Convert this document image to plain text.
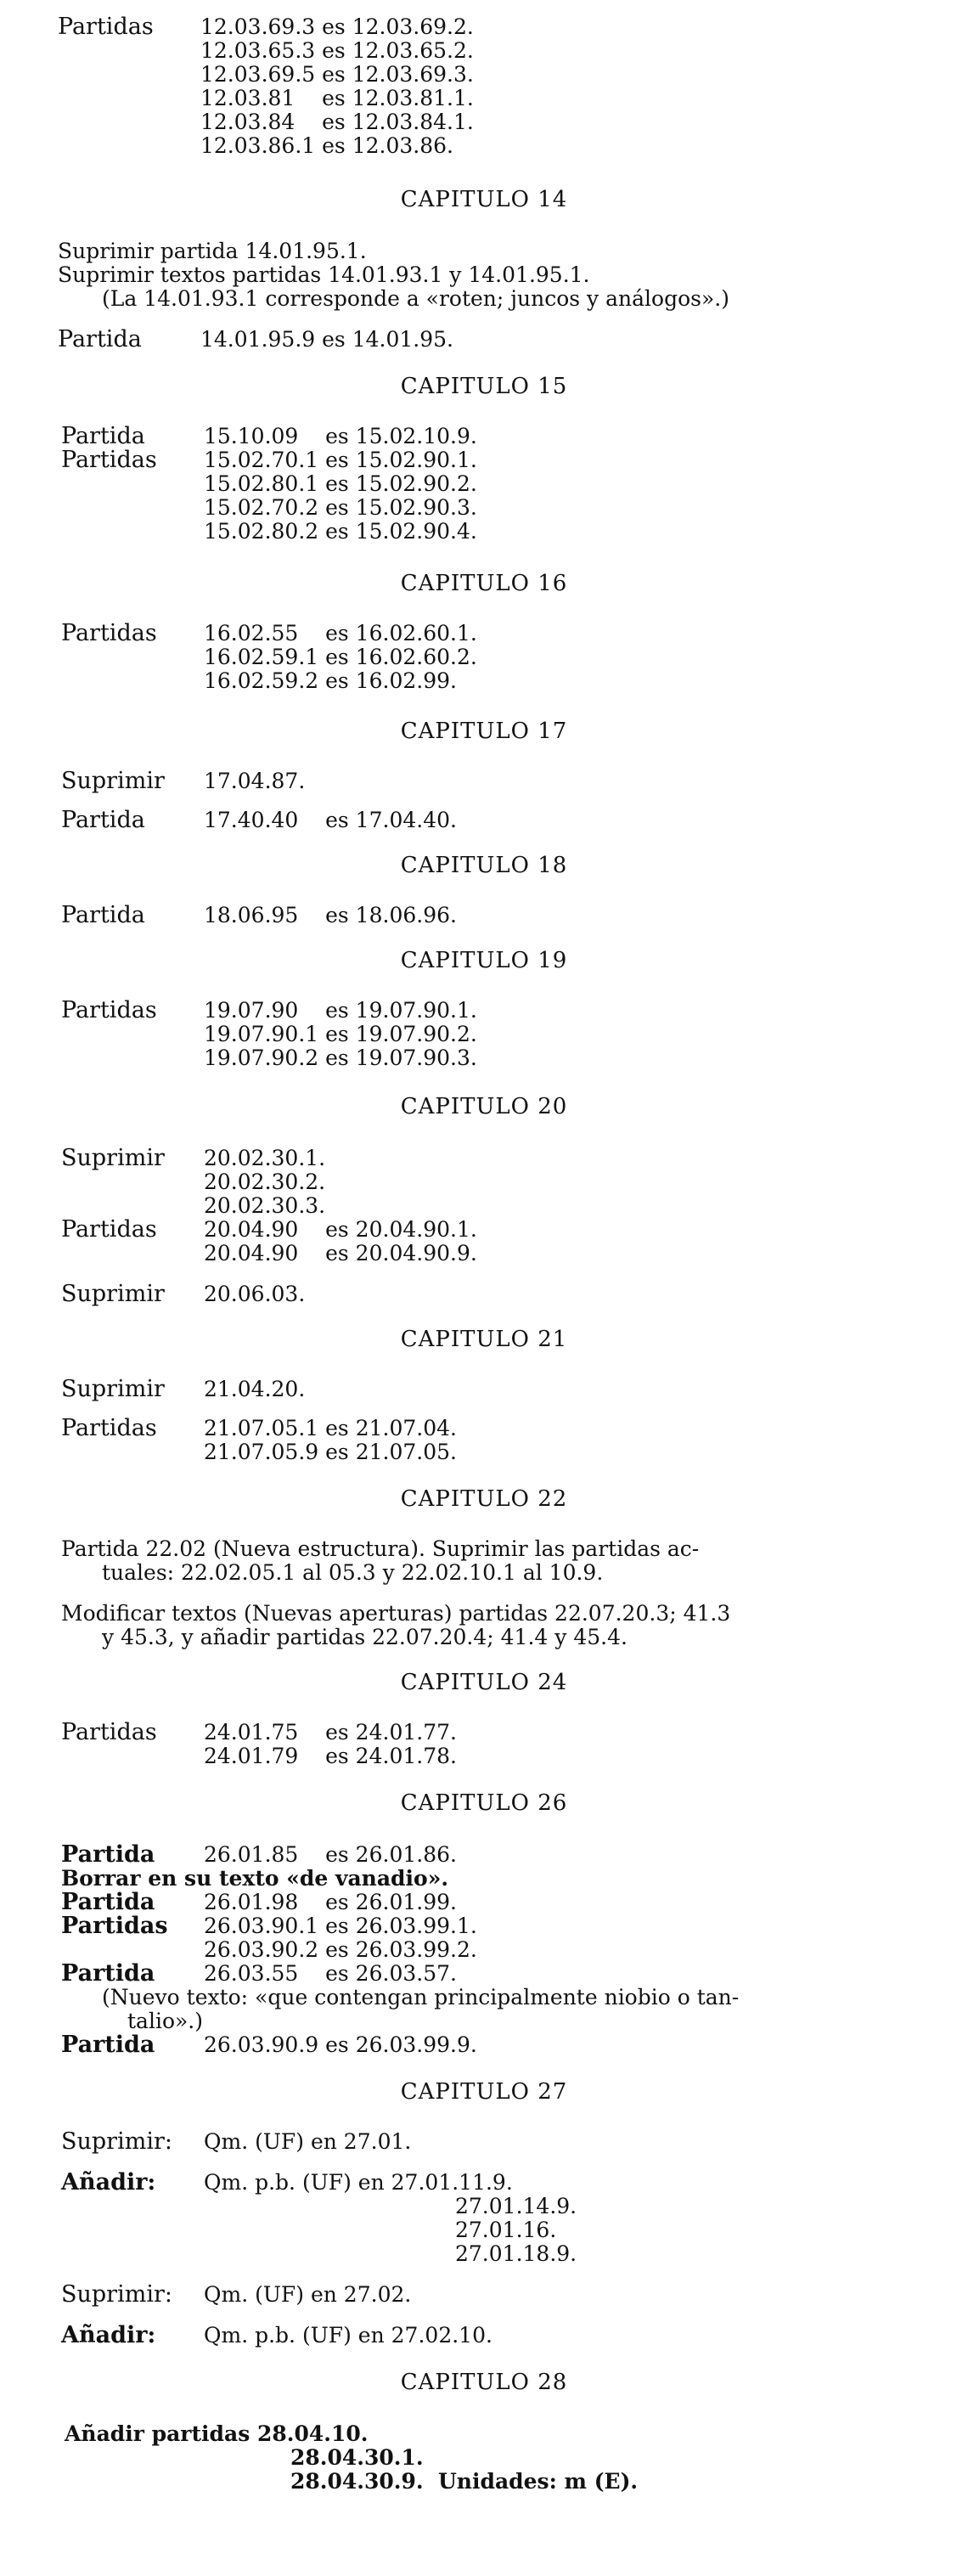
Partidas 12.03.69.3 es 12.03.69.2.
12.03.65.3 es 12.03.65.2.
12.03.69.5 es 12.03.69.3.
12.03.81    es 12.03.81.1.
12.03.84    es 12.03.84.1.
12.03.86.1 es 12.03.86.
CAPITULO 14
Suprimir partida 14.01.95.1.
Suprimir textos partidas 14.01.93.1 y 14.01.95.1.
(La 14.01.93.1 corresponde a «roten; juncos y análogos».)
Partida	14.01.95.9 es 14.01.95.
CAPITULO 15
Partida	15.10.09    es 15.02.10.9.
Partidas 15.02.70.1 es 15.02.90.1.
15.02.80.1 es 15.02.90.2.
15.02.70.2 es 15.02.90.3.
15.02.80.2 es 15.02.90.4.
CAPITULO 16
Partidas 16.02.55    es 16.02.60.1.
16.02.59.1 es 16.02.60.2.
16.02.59.2 es 16.02.99.
CAPITULO 17
Suprimir 17.04.87.
Partida	17.40.40    es 17.04.40.
CAPITULO 18
Partida	18.06.95    es 18.06.96.
CAPITULO 19
Partidas 19.07.90    es 19.07.90.1.
19.07.90.1 es 19.07.90.2.
19.07.90.2 es 19.07.90.3.
CAPITULO 20
Suprimir 20.02.30.1.
20.02.30.2.
20.02.30.3.
Partidas 20.04.90    es 20.04.90.1.
20.04.90    es 20.04.90.9.
Suprimir 20.06.03.
CAPITULO 21
Suprimir 21.04.20.
Partidas 21.07.05.1 es 21.07.04.
21.07.05.9 es 21.07.05.
CAPITULO 22
Partida 22.02 (Nueva estructura). Suprimir las partidas ac-
tuales: 22.02.05.1 al 05.3 y 22.02.10.1 al 10.9.
Modificar textos (Nuevas aperturas) partidas 22.07.20.3; 41.3
y 45.3, y añadir partidas 22.07.20.4; 41.4 y 45.4.
CAPITULO 24
Partidas 24.01.75    es 24.01.77.
24.01.79    es 24.01.78.
CAPITULO 26
Partida 26.01.85    es 26.01.86.
Borrar en su texto «de vanadio».
Partida 26.01.98    es 26.01.99.
Partidas 26.03.90.1 es 26.03.99.1.
26.03.90.2 es 26.03.99.2.
Partida 26.03.55    es 26.03.57.
(Nuevo texto: «que contengan principalmente niobio o tan-
talio».)
Partida 26.03.90.9 es 26.03.99.9.
CAPITULO 27
Suprimir: Qm. (UF) en 27.01.
Añadir: Qm. p.b. (UF) en 27.01.11.9.
27.01.14.9.
27.01.16.
27.01.18.9.
Suprimir: Qm. (UF) en 27.02.
Añadir: Qm. p.b. (UF) en 27.02.10.
CAPITULO 28
Añadir partidas 28.04.10.
28.04.30.1.
28.04.30.9.  Unidades: m (E).
